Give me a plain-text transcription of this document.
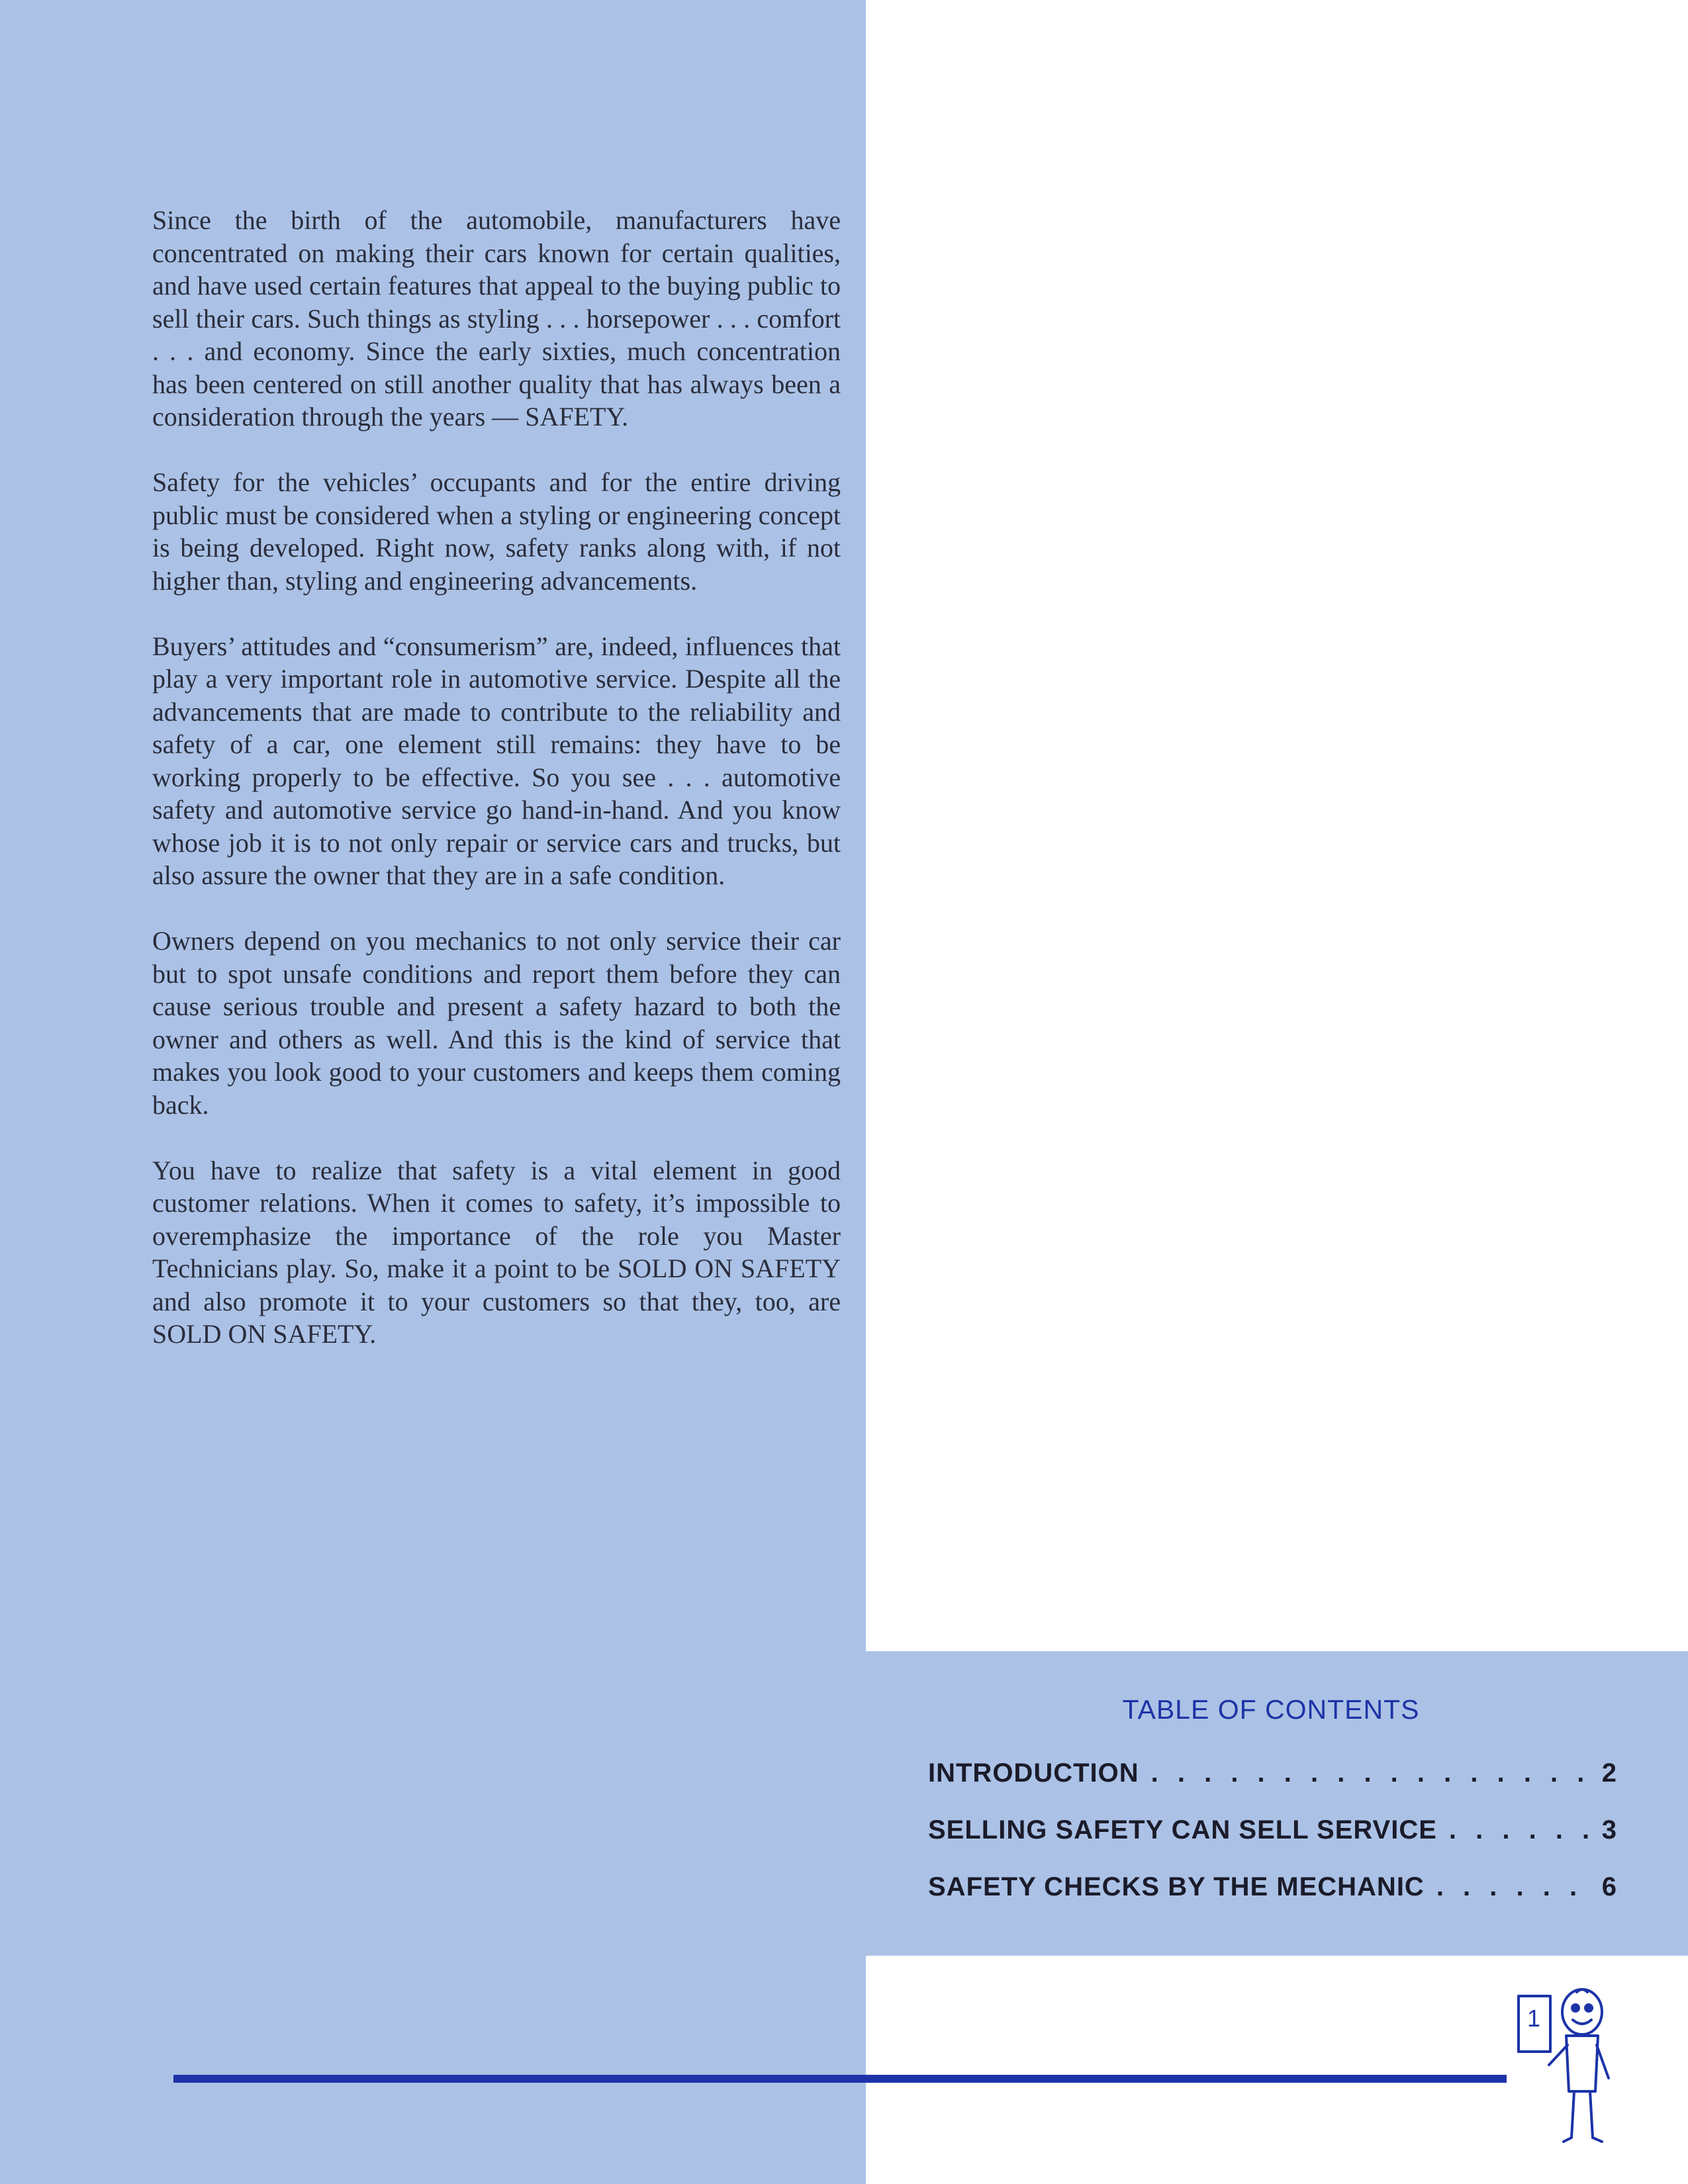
Since the birth of the automobile, manufacturers have concentrated on making their cars known for certain qualities, and have used certain features that appeal to the buying public to sell their cars. Such things as styling . . . horsepower . . . comfort . . . and economy. Since the early sixties, much concentration has been centered on still another quality that has always been a consideration through the years — SAFETY.

Safety for the vehicles’ occupants and for the entire driving public must be considered when a styling or engineering concept is being developed. Right now, safety ranks along with, if not higher than, styling and engineering advancements.

Buyers’ attitudes and “consumerism” are, indeed, influences that play a very important role in automotive service. Despite all the advancements that are made to contribute to the reliability and safety of a car, one element still remains: they have to be working properly to be effective. So you see . . . automotive safety and automotive service go hand-in-hand. And you know whose job it is to not only repair or service cars and trucks, but also assure the owner that they are in a safe condition.

Owners depend on you mechanics to not only service their car but to spot unsafe conditions and report them before they can cause serious trouble and present a safety hazard to both the owner and others as well. And this is the kind of service that makes you look good to your customers and keeps them coming back.

You have to realize that safety is a vital element in good customer relations. When it comes to safety, it’s impossible to overemphasize the importance of the role you Master Technicians play. So, make it a point to be SOLD ON SAFETY and also promote it to your customers so that they, too, are SOLD ON SAFETY.

TABLE OF CONTENTS
INTRODUCTION . . .	2
SELLING SAFETY CAN SELL SERVICE . . .	3
SAFETY CHECKS BY THE MECHANIC . . .	6
1
